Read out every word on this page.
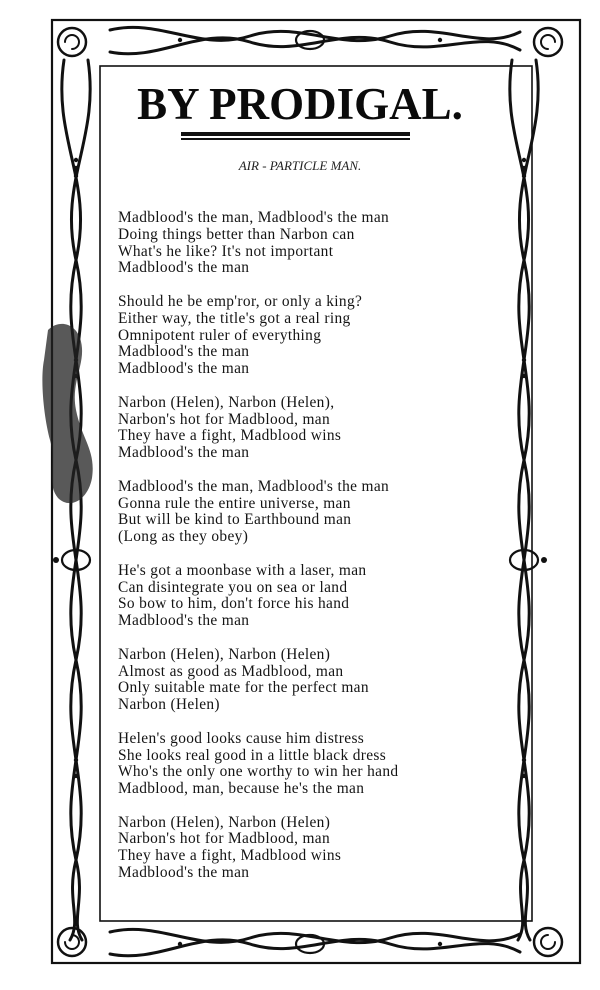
BY PRODIGAL.
AIR - PARTICLE MAN.
Madblood's the man, Madblood's the man
Doing things better than Narbon can
What's he like? It's not important
Madblood's the man
Should he be emp'ror, or only a king?
Either way, the title's got a real ring
Omnipotent ruler of everything
Madblood's the man
Madblood's the man
Narbon (Helen), Narbon (Helen),
Narbon's hot for Madblood, man
They have a fight, Madblood wins
Madblood's the man
Madblood's the man, Madblood's the man
Gonna rule the entire universe, man
But will be kind to Earthbound man
(Long as they obey)
He's got a moonbase with a laser, man
Can disintegrate you on sea or land
So bow to him, don't force his hand
Madblood's the man
Narbon (Helen), Narbon (Helen)
Almost as good as Madblood, man
Only suitable mate for the perfect man
Narbon (Helen)
Helen's good looks cause him distress
She looks real good in a little black dress
Who's the only one worthy to win her hand
Madblood, man, because he's the man
Narbon (Helen), Narbon (Helen)
Narbon's hot for Madblood, man
They have a fight, Madblood wins
Madblood's the man
